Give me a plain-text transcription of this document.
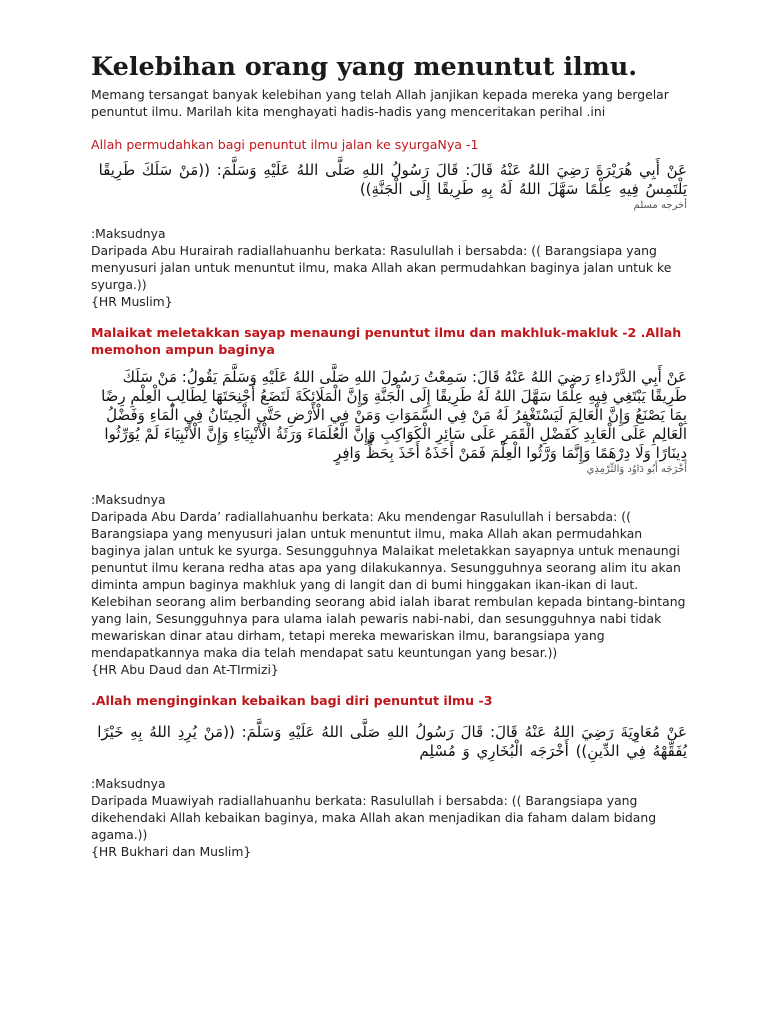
Kelebihan orang yang menuntut ilmu.

Memang tersangat banyak kelebihan yang telah Allah janjikan kepada mereka yang bergelar penuntut ilmu. Marilah kita menghayati hadis-hadis yang menceritakan perihal .ini

Allah permudahkan bagi penuntut ilmu jalan ke syurgaNya -1

عَنْ أَبِي هُرَيْرَةَ رَضِيَ اللهُ عَنْهُ قَالَ: قَالَ رَسُولُ اللهِ صَلَّى اللهُ عَلَيْهِ وَسَلَّمَ: ((مَنْ سَلَكَ طَرِيقًا يَلْتَمِسُ فِيهِ عِلْمًا سَهَّلَ اللهُ لَهُ بِهِ طَرِيقًا إِلَى الْجَنَّةِ))

أخرجه مسلم

:Maksudnya

Daripada Abu Hurairah radiallahuanhu berkata: Rasulullah i bersabda: (( Barangsiapa yang menyusuri jalan untuk menuntut ilmu, maka Allah akan permudahkan baginya jalan untuk ke syurga.))

{HR Muslim}

Malaikat meletakkan sayap menaungi penuntut ilmu dan makhluk-makluk -2 .Allah memohon ampun baginya

عَنْ أَبِي الدَّرْداءِ رَضِيَ اللهُ عَنْهُ قَالَ: سَمِعْتُ رَسُولَ اللهِ صَلَّى اللهُ عَلَيْهِ وَسَلَّمَ يَقُولُ: مَنْ سَلَكَ طَرِيقًا يَبْتَغِي فِيهِ عِلْمًا سَهَّلَ اللهُ لَهُ طَرِيقًا إِلَى الْجَنَّةِ وَإِنَّ الْمَلَائِكَةَ لَتَضَعُ أَجْنِحَتَهَا لِطَالِبِ الْعِلْمِ رِضًا بِمَا يَصْنَعُ وَإِنَّ الْعَالِمَ لَيَسْتَغْفِرُ لَهُ مَنْ فِي السَّمَوَاتِ وَمَنْ فِي الْأَرْضِ حَتَّى الْحِيتَانُ فِي الْمَاءِ وَفَضْلُ الْعَالِمِ عَلَى الْعَابِدِ كَفَضْلِ الْقَمَرِ عَلَى سَائِرِ الْكَوَاكِبِ وَإِنَّ الْعُلَمَاءَ وَرَثَةُ الْأَنْبِيَاءِ وَإِنَّ الْأَنْبِيَاءَ لَمْ يُوَرِّثُوا دِينَارًا وَلَا دِرْهَمًا وَإِنَّمَا وَرَّثُوا الْعِلْمَ فَمَنْ أَخَذَهُ أَخَذَ بِحَظٍّ وَافِرٍ

أَخْرَجَه أَبُو دَاوُد وَالتِّرْمِذِي

:Maksudnya

Daripada Abu Darda’ radiallahuanhu berkata: Aku mendengar Rasulullah i bersabda: (( Barangsiapa yang menyusuri jalan untuk menuntut ilmu, maka Allah akan permudahkan baginya jalan untuk ke syurga. Sesungguhnya Malaikat meletakkan sayapnya untuk menaungi penuntut ilmu kerana redha atas apa yang dilakukannya. Sesungguhnya seorang alim itu akan diminta ampun baginya makhluk yang di langit dan di bumi hinggakan ikan-ikan di laut. Kelebihan seorang alim berbanding seorang abid ialah ibarat rembulan kepada bintang-bintang yang lain, Sesungguhnya para ulama ialah pewaris nabi-nabi, dan sesungguhnya nabi tidak mewariskan dinar atau dirham, tetapi mereka mewariskan ilmu, barangsiapa yang mendapatkannya maka dia telah mendapat satu keuntungan yang besar.))

{HR Abu Daud dan At-TIrmizi}

.Allah menginginkan kebaikan bagi diri penuntut ilmu -3

عَنْ مُعَاوِيَةَ رَضِيَ اللهُ عَنْهُ قَالَ: قَالَ رَسُولُ اللهِ صَلَّى اللهُ عَلَيْهِ وَسَلَّمَ: ((مَنْ يُرِدِ اللهُ بِهِ خَيْرًا يُفَقِّهْهُ فِي الدِّينِ)) أَخْرَجَه الْبُخَارِي وَ مُسْلِم

:Maksudnya

Daripada Muawiyah radiallahuanhu berkata: Rasulullah i bersabda: (( Barangsiapa yang dikehendaki Allah kebaikan baginya, maka Allah akan menjadikan dia faham dalam bidang agama.))

{HR Bukhari dan Muslim}
